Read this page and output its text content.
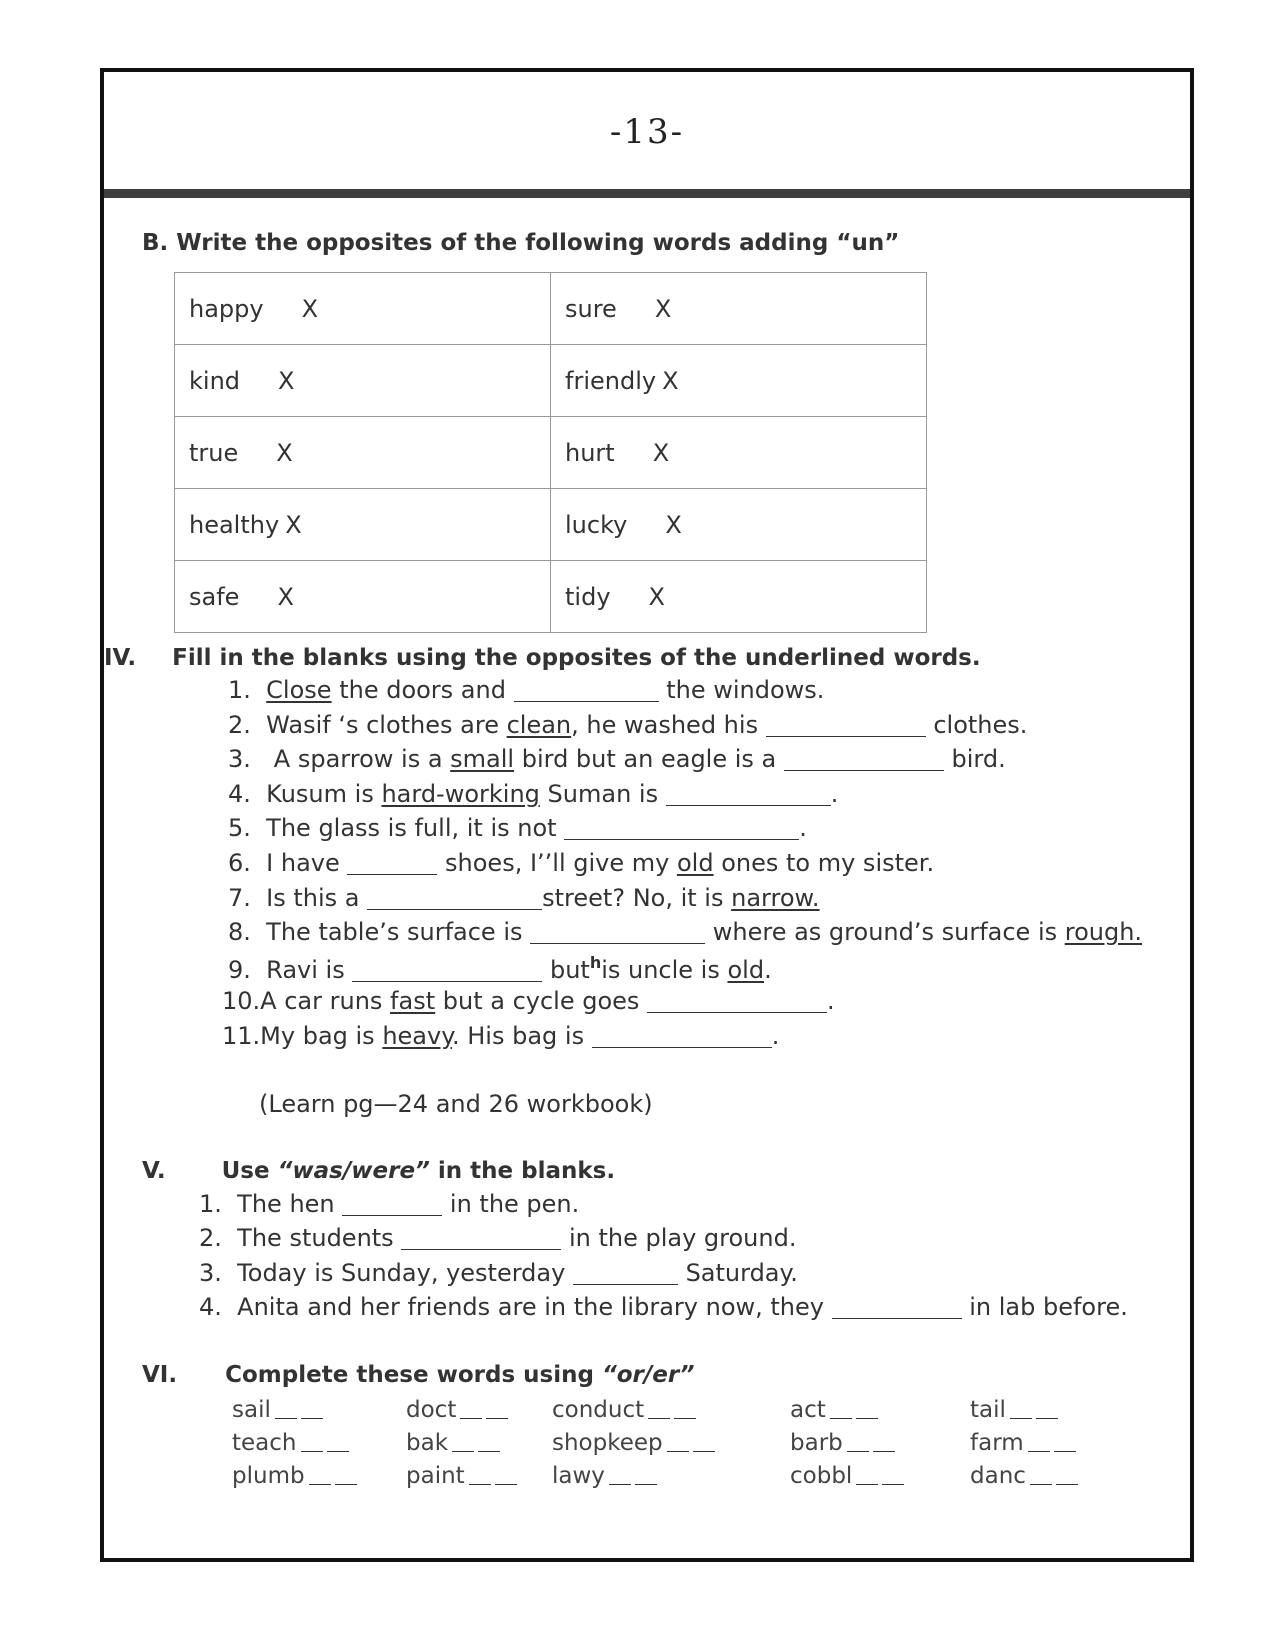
-13-
B. Write the opposites of the following words adding “un”
happy X	sure X
kind X	friendly X
true X	hurt X
healthy X	lucky X
safe X	tidy X
IV. Fill in the blanks using the opposites of the underlined words.
1. Close the doors and	the windows.
2. Wasif ‘s clothes are clean, he washed his	clothes.
3.   A sparrow is a small bird but an eagle is a	bird.
4. Kusum is hard-working Suman is	.
5. The glass is full, it is not	.
6. I have	shoes, I’’ll give my old ones to my sister.
7. Is this a	street? No, it is narrow.
8. The table’s surface is	where as ground’s surface is rough.
9. Ravi is	but$^h$is uncle is old.
10.A car runs fast but a cycle goes	.
11.My bag is heavy. His bag is	.
(Learn pg—24 and 26 workbook)
V. Use “was/were” in the blanks.
1. The hen	in the pen.
2. The students	in the play ground.
3. Today is Sunday, yesterday	Saturday.
4. Anita and her friends are in the library now, they	in lab before.
VI. Complete these words using “or/er”
sail	doct	conduct	act	tail
teach	bak	shopkeep	barb	farm
plumb	paint	lawy	cobbl	danc
